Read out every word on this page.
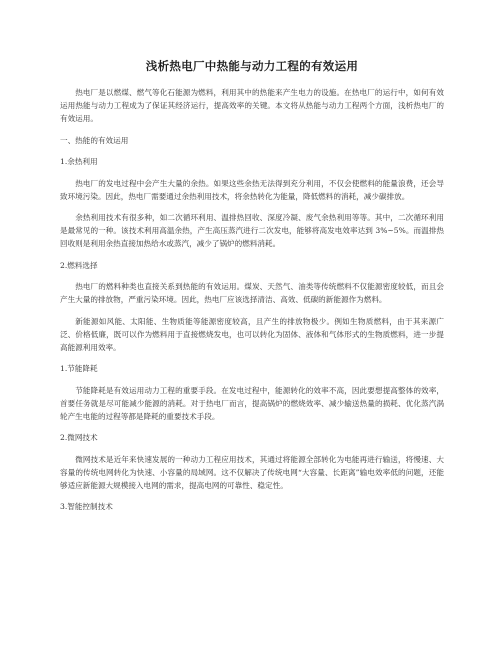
浅析热电厂中热能与动力工程的有效运用

热电厂是以燃煤、燃气等化石能源为燃料，利用其中的热能来产生电力的设施。在热电厂的运行中，如何有效运用热能与动力工程成为了保证其经济运行，提高效率的关键。本文将从热能与动力工程两个方面，浅析热电厂的有效运用。

一、热能的有效运用

1.余热利用

热电厂的发电过程中会产生大量的余热。如果这些余热无法得到充分利用，不仅会使燃料的能量浪费，还会导致环境污染。因此，热电厂需要通过余热利用技术，将余热转化为能量，降低燃料的消耗，减少碳排放。

余热利用技术有很多种，如二次循环利用、温排热回收、深度冷凝、废气余热利用等等。其中，二次循环利用是最常见的一种。该技术利用高温余热，产生高压蒸汽进行二次发电，能够将高发电效率达到 3%~5%。而温排热回收则是利用余热直接加热给水或蒸汽，减少了锅炉的燃料消耗。

2.燃料选择

热电厂的燃料种类也直接关系到热能的有效运用。煤炭、天然气、油类等传统燃料不仅能源密度较低，而且会产生大量的排放物，严重污染环境。因此，热电厂应该选择清洁、高效、低碳的新能源作为燃料。

新能源如风能、太阳能、生物质能等能源密度较高，且产生的排放物极少。例如生物质燃料，由于其来源广泛、价格低廉，既可以作为燃料用于直接燃烧发电，也可以转化为固体、液体和气体形式的生物质燃料，进一步提高能源利用效率。

1.节能降耗

节能降耗是有效运用动力工程的重要手段。在发电过程中，能源转化的效率不高，因此要想提高整体的效率，首要任务就是尽可能减少能源的消耗。对于热电厂而言，提高锅炉的燃烧效率、减少输送热量的损耗、优化蒸汽涡轮产生电能的过程等都是降耗的重要技术手段。

2.微网技术

微网技术是近年来快速发展的一种动力工程应用技术，其通过将能源全部转化为电能再进行输送，将慢速、大容量的传统电网转化为快速、小容量的局域网。这不仅解决了传统电网“大容量、长距离”输电效率低的问题，还能够适应新能源大规模接入电网的需求，提高电网的可靠性、稳定性。

3.智能控制技术
